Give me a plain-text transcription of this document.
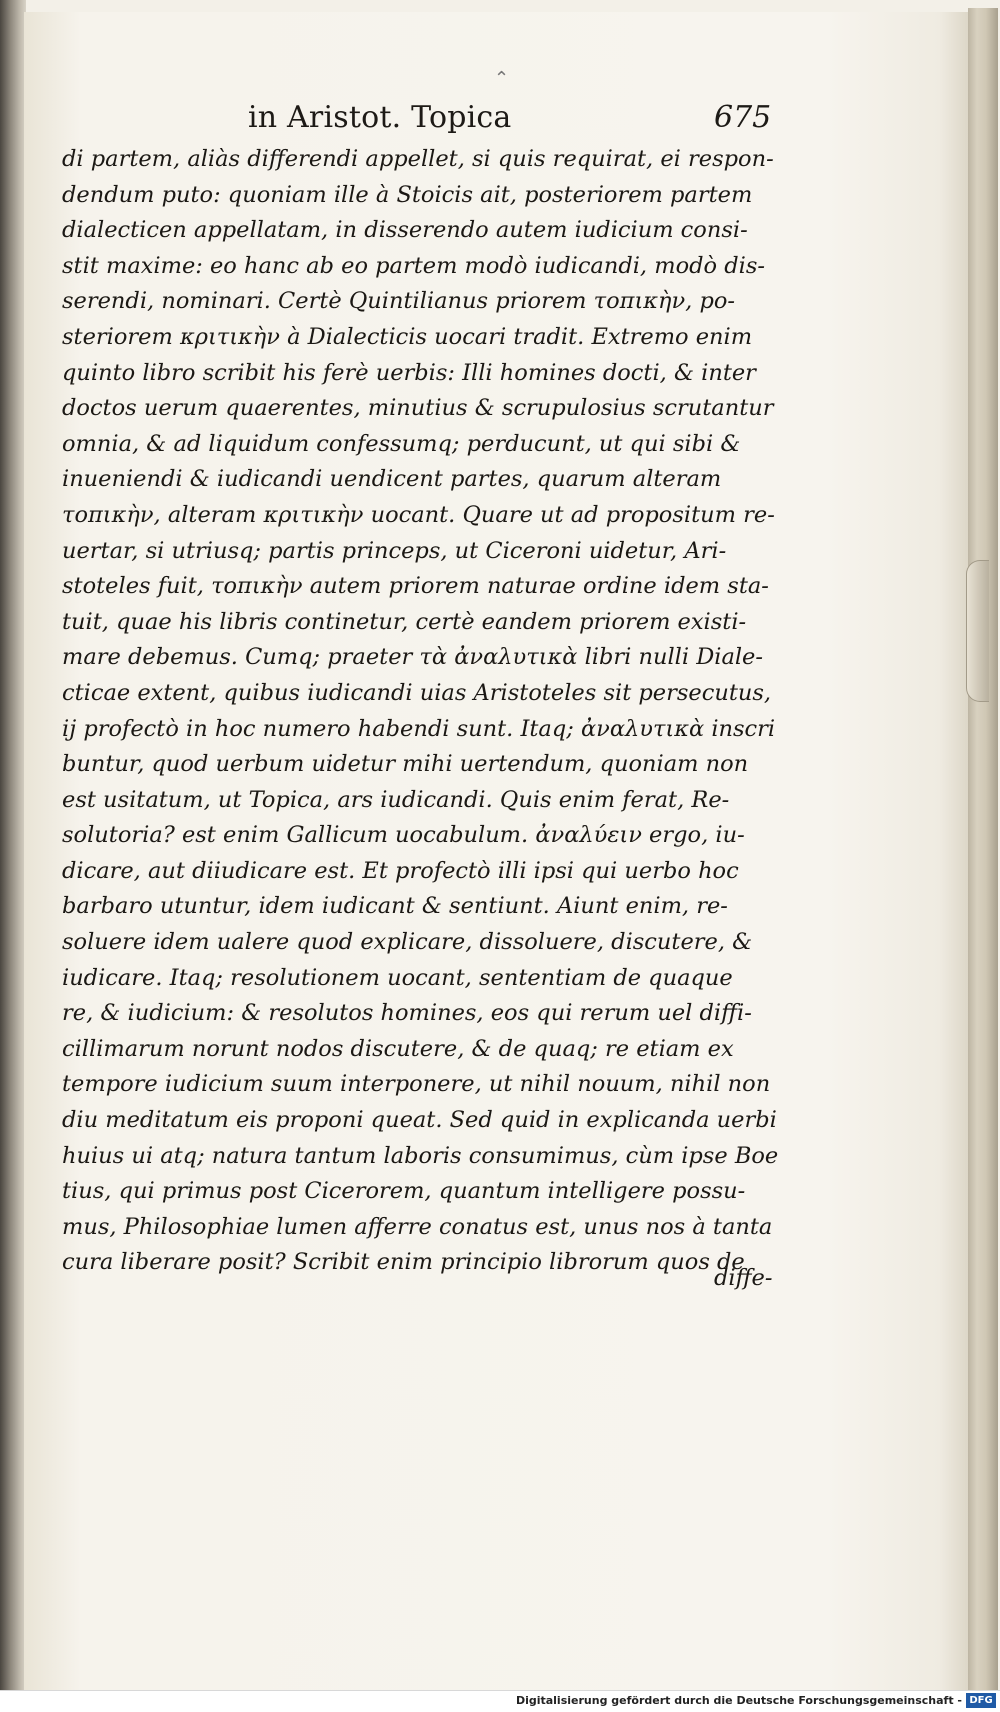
⌃
in Aristot. Topica	675
di partem, aliàs differendi appellet, si quis requirat, ei respon-
dendum puto: quoniam ille à Stoicis ait, posteriorem partem
dialecticen appellatam, in disserendo autem iudicium consi-
stit maxime: eo hanc ab eo partem modò iudicandi, modò dis-
serendi, nominari. Certè Quintilianus priorem τοπικὴν, po-
steriorem κριτικὴν à Dialecticis uocari tradit. Extremo enim
quinto libro scribit his ferè uerbis: Illi homines docti, & inter
doctos uerum quaerentes, minutius & scrupulosius scrutantur
omnia, & ad liquidum confessumq; perducunt, ut qui sibi &
inueniendi & iudicandi uendicent partes, quarum alteram
τοπικὴν, alteram κριτικὴν uocant. Quare ut ad propositum re-
uertar, si utriusq; partis princeps, ut Ciceroni uidetur, Ari-
stoteles fuit, τοπικὴν autem priorem naturae ordine idem sta-
tuit, quae his libris continetur, certè eandem priorem existi-
mare debemus. Cumq; praeter τὰ ἀναλυτικὰ libri nulli Diale-
cticae extent, quibus iudicandi uias Aristoteles sit persecutus,
ij profectò in hoc numero habendi sunt. Itaq; ἀναλυτικὰ inscri
buntur, quod uerbum uidetur mihi uertendum, quoniam non
est usitatum, ut Topica, ars iudicandi. Quis enim ferat, Re-
solutoria? est enim Gallicum uocabulum. ἀναλύειν ergo, iu-
dicare, aut diiudicare est. Et profectò illi ipsi qui uerbo hoc
barbaro utuntur, idem iudicant & sentiunt. Aiunt enim, re-
soluere idem ualere quod explicare, dissoluere, discutere, &
iudicare. Itaq; resolutionem uocant, sententiam de quaque
re, & iudicium: & resolutos homines, eos qui rerum uel diffi-
cillimarum norunt nodos discutere, & de quaq; re etiam ex
tempore iudicium suum interponere, ut nihil nouum, nihil non
diu meditatum eis proponi queat. Sed quid in explicanda uerbi
huius ui atq; natura tantum laboris consumimus, cùm ipse Boe
tius, qui primus post Cicerorem, quantum intelligere possu-
mus, Philosophiae lumen afferre conatus est, unus nos à tanta
cura liberare posit? Scribit enim principio librorum quos de
diffe-
Digitalisierung gefördert durch die Deutsche Forschungsgemeinschaft - DFG
